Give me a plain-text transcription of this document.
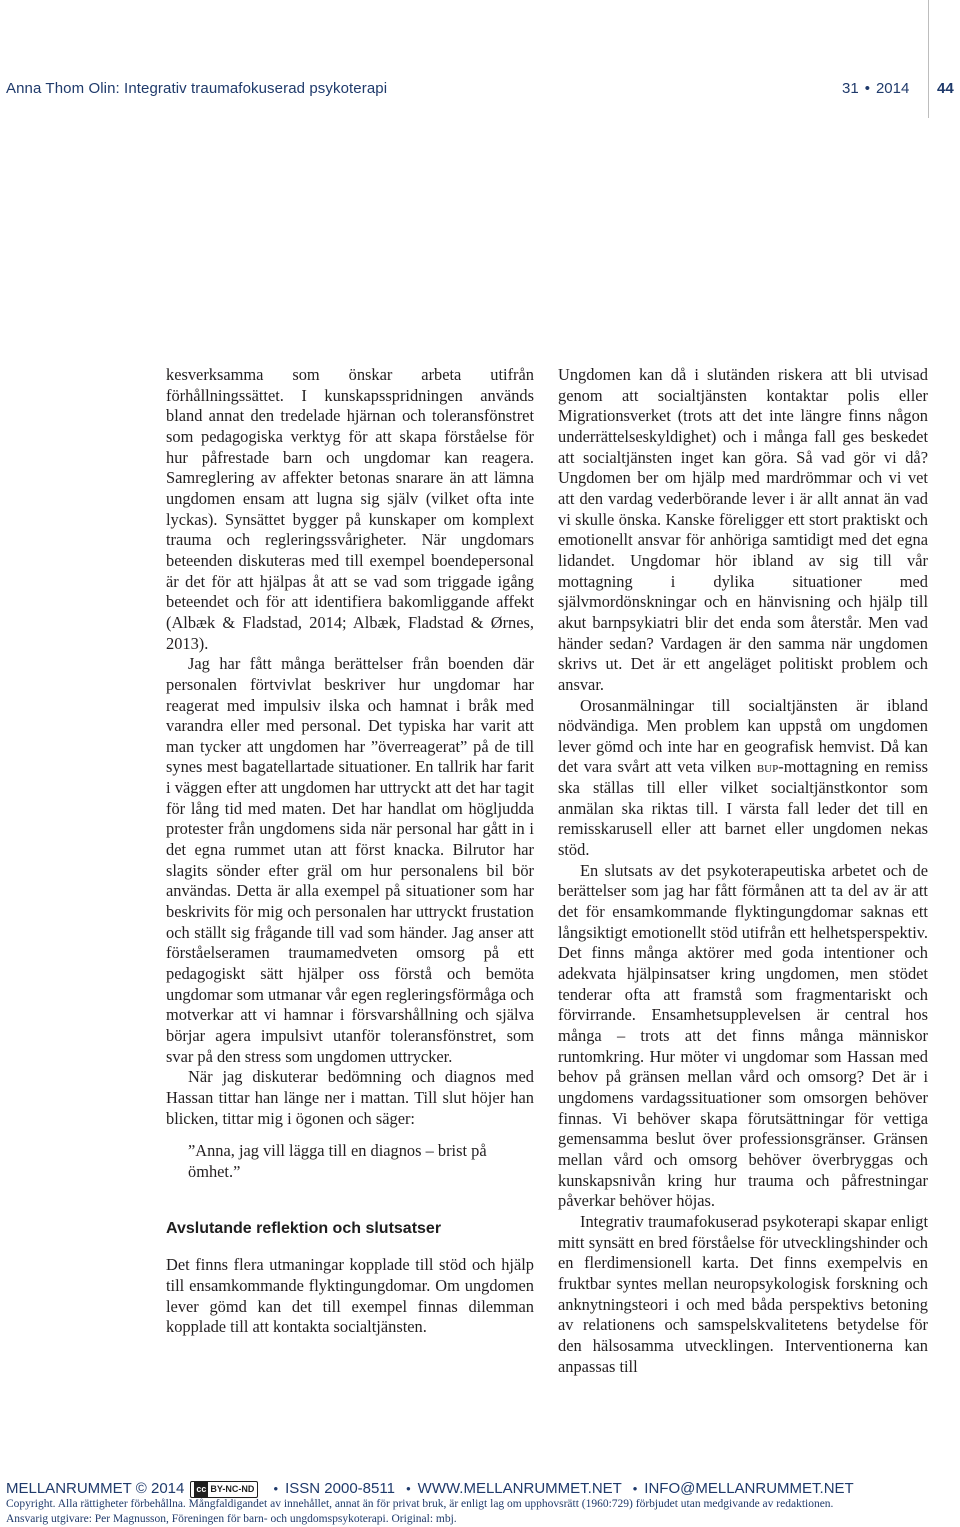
Anna Thom Olin: Integrativ traumafokuserad psykoterapi	31 • 2014 44

kesverksamma som önskar arbeta utifrån förhållningssättet. I kunskapsspridningen används bland annat den tredelade hjärnan och toleransfönstret som pedagogiska verktyg för att skapa förståelse för hur påfrestade barn och ungdomar kan reagera. Samreglering av affekter betonas snarare än att lämna ungdomen ensam att lugna sig själv (vilket ofta inte lyckas). Synsättet bygger på kunskaper om komplext trauma och regleringssvårigheter. När ungdomars beteenden diskuteras med till exempel boendepersonal är det för att hjälpas åt att se vad som triggade igång beteendet och för att identifiera bakomliggande affekt (Albæk & Fladstad, 2014; Albæk, Fladstad & Ørnes, 2013).

Jag har fått många berättelser från boenden där personalen förtvivlat beskriver hur ungdomar har reagerat med impulsiv ilska och hamnat i bråk med varandra eller med personal. Det typiska har varit att man tycker att ungdomen har ”överreagerat” på de till synes mest bagatellartade situationer. En tallrik har farit i väggen efter att ungdomen har uttryckt att det har tagit för lång tid med maten. Det har handlat om högljudda protester från ungdomens sida när personal har gått in i det egna rummet utan att först knacka. Bilrutor har slagits sönder efter gräl om hur personalens bil bör användas. Detta är alla exempel på situationer som har beskrivits för mig och personalen har uttryckt frustation och ställt sig frågande till vad som händer. Jag anser att förståelseramen traumamedveten omsorg på ett pedagogiskt sätt hjälper oss förstå och bemöta ungdomar som utmanar vår egen regleringsförmåga och motverkar att vi hamnar i försvarshållning och själva börjar agera impulsivt utanför toleransfönstret, som svar på den stress som ungdomen uttrycker.

När jag diskuterar bedömning och diagnos med Hassan tittar han länge ner i mattan. Till slut höjer han blicken, tittar mig i ögonen och säger:

”Anna, jag vill lägga till en diagnos – brist på ömhet.”

Avslutande reflektion och slutsatser

Det finns flera utmaningar kopplade till stöd och hjälp till ensamkommande flyktingungdomar. Om ungdomen lever gömd kan det till exempel finnas dilemman kopplade till att kontakta socialtjänsten.

Ungdomen kan då i slutänden riskera att bli utvisad genom att socialtjänsten kontaktar polis eller Migrationsverket (trots att det inte längre finns någon underrättelseskyldighet) och i många fall ges beskedet att socialtjänsten inget kan göra. Så vad gör vi då? Ungdomen ber om hjälp med mardrömmar och vi vet att den vardag vederbörande lever i är allt annat än vad vi skulle önska. Kanske föreligger ett stort praktiskt och emotionellt ansvar för anhöriga samtidigt med det egna lidandet. Ungdomar hör ibland av sig till vår mottagning i dylika situationer med självmordönskningar och en hänvisning och hjälp till akut barnpsykiatri blir det enda som återstår. Men vad händer sedan? Vardagen är den samma när ungdomen skrivs ut. Det är ett angeläget politiskt problem och ansvar.

Orosanmälningar till socialtjänsten är ibland nödvändiga. Men problem kan uppstå om ungdomen lever gömd och inte har en geografisk hemvist. Då kan det vara svårt att veta vilken bup-mottagning en remiss ska ställas till eller vilket socialtjänstkontor som anmälan ska riktas till. I värsta fall leder det till en remisskarusell eller att barnet eller ungdomen nekas stöd.

En slutsats av det psykoterapeutiska arbetet och de berättelser som jag har fått förmånen att ta del av är att det för ensamkommande flyktingungdomar saknas ett långsiktigt emotionellt stöd utifrån ett helhetsperspektiv. Det finns många aktörer med goda intentioner och adekvata hjälpinsatser kring ungdomen, men stödet tenderar ofta att framstå som fragmentariskt och förvirrande. Ensamhetsupplevelsen är central hos många – trots att det finns många människor runtomkring. Hur möter vi ungdomar som Hassan med behov på gränsen mellan vård och omsorg? Det är i ungdomens vardagssituationer som omsorgen behöver finnas. Vi behöver skapa förutsättningar för vettiga gemensamma beslut över professionsgränser. Gränsen mellan vård och omsorg behöver överbryggas och kunskapsnivån kring hur trauma och påfrestningar påverkar behöver höjas.

Integrativ traumafokuserad psykoterapi skapar enligt mitt synsätt en bred förståelse för utvecklingshinder och en flerdimensionell karta. Det finns exempelvis en fruktbar syntes mellan neuropsykologisk forskning och anknytningsteori i och med båda perspektivs betoning av relationens och samspelskvalitetens betydelse för den hälsosamma utvecklingen. Interventionerna kan anpassas till

MELLANRUMMET © 2014 cc BY-NC-ND • ISSN 2000-8511 • WWW.MELLANRUMMET.NET • INFO@MELLANRUMMET.NET
Copyright. Alla rättigheter förbehållna. Mångfaldigandet av innehållet, annat än för privat bruk, är enligt lag om upphovsrätt (1960:729) förbjudet utan medgivande av redaktionen.
Ansvarig utgivare: Per Magnusson, Föreningen för barn- och ungdomspsykoterapi. Original: mbj.
